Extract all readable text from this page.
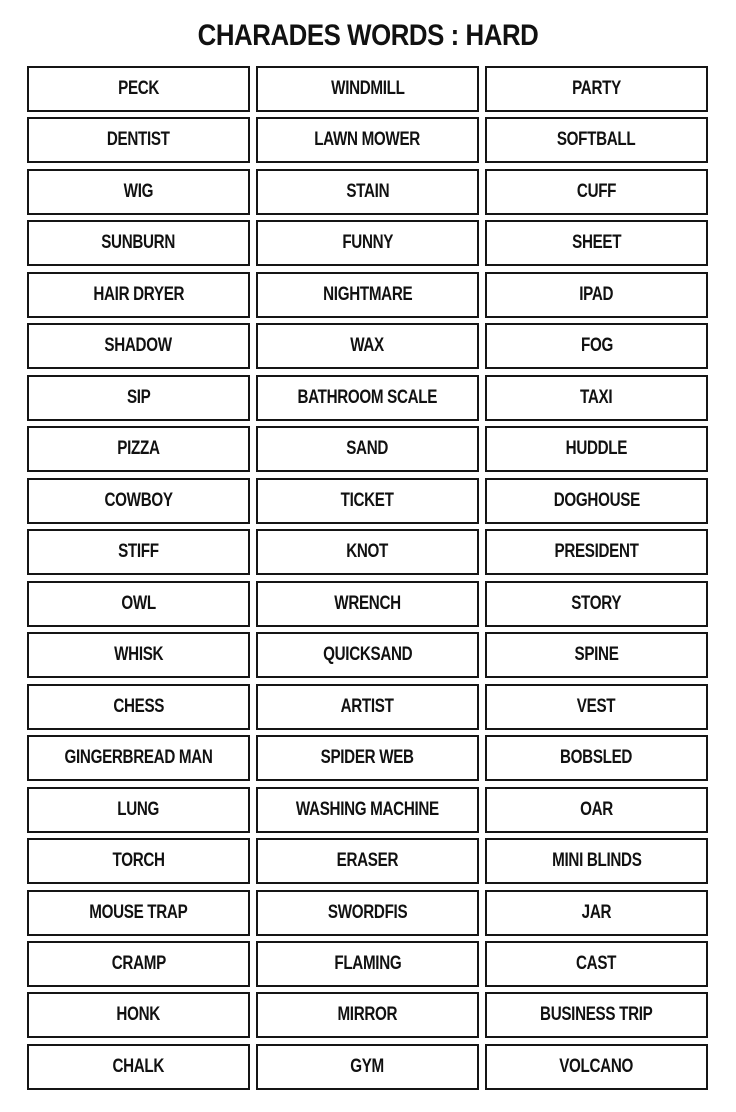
CHARADES WORDS : HARD
PECK	WINDMILL	PARTY
DENTIST	LAWN MOWER	SOFTBALL
WIG	STAIN	CUFF
SUNBURN	FUNNY	SHEET
HAIR DRYER	NIGHTMARE	IPAD
SHADOW	WAX	FOG
SIP	BATHROOM SCALE	TAXI
PIZZA	SAND	HUDDLE
COWBOY	TICKET	DOGHOUSE
STIFF	KNOT	PRESIDENT
OWL	WRENCH	STORY
WHISK	QUICKSAND	SPINE
CHESS	ARTIST	VEST
GINGERBREAD MAN	SPIDER WEB	BOBSLED
LUNG	WASHING MACHINE	OAR
TORCH	ERASER	MINI BLINDS
MOUSE TRAP	SWORDFIS	JAR
CRAMP	FLAMING	CAST
HONK	MIRROR	BUSINESS TRIP
CHALK	GYM	VOLCANO
